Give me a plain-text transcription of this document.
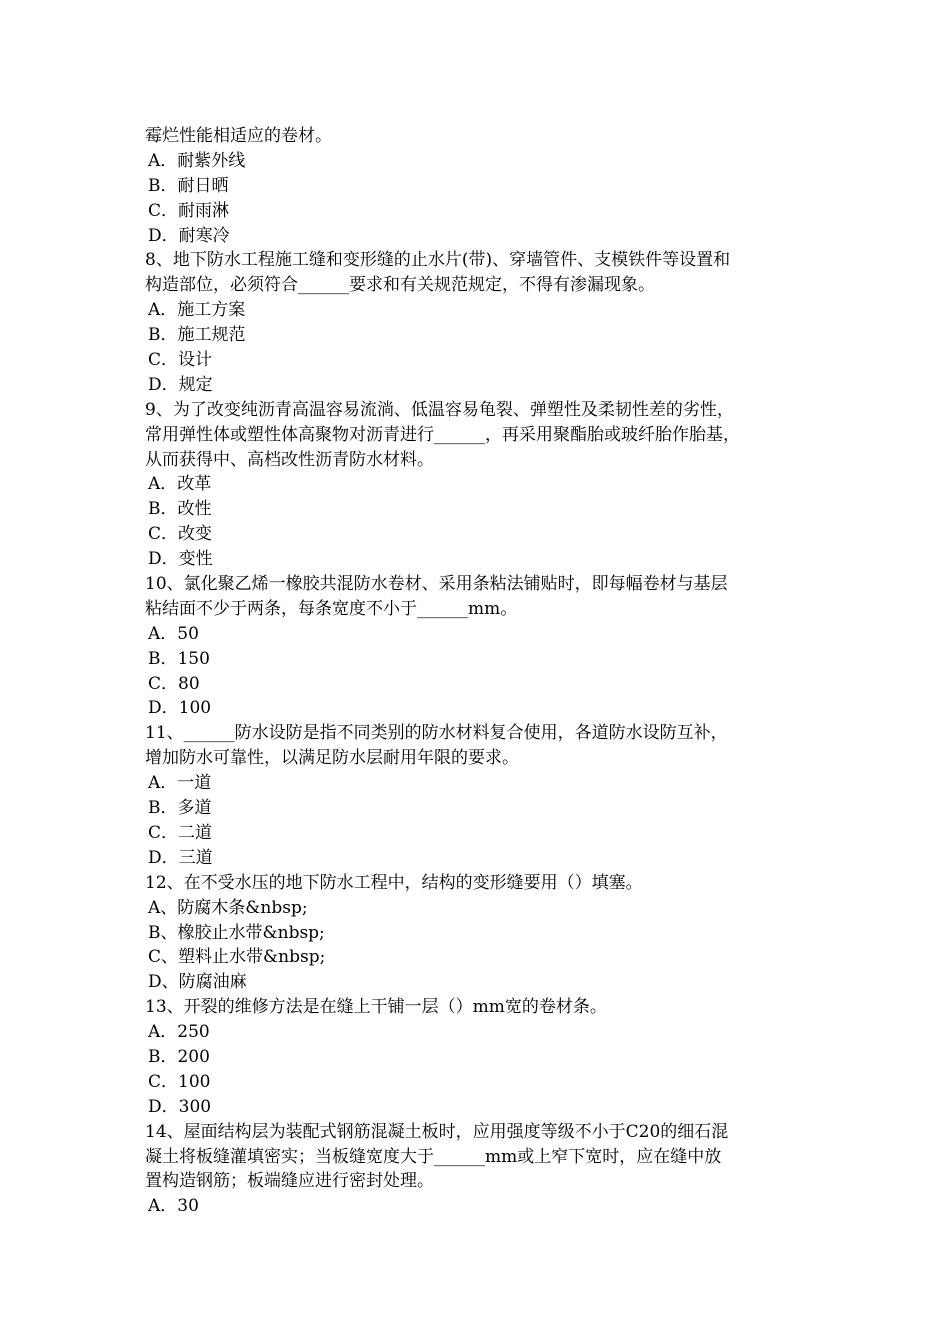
霉烂性能相适应的卷材。
A．耐紫外线
B．耐日晒
C．耐雨淋
D．耐寒冷
8、地下防水工程施工缝和变形缝的止水片(带)、穿墙管件、支模铁件等设置和
构造部位，必须符合______要求和有关规范规定，不得有渗漏现象。
A．施工方案
B．施工规范
C．设计
D．规定
9、为了改变纯沥青高温容易流淌、低温容易龟裂、弹塑性及柔韧性差的劣性，
常用弹性体或塑性体高聚物对沥青进行______，再采用聚酯胎或玻纤胎作胎基，
从而获得中、高档改性沥青防水材料。
A．改革
B．改性
C．改变
D．变性
10、氯化聚乙烯一橡胶共混防水卷材、采用条粘法铺贴时，即每幅卷材与基层
粘结面不少于两条，每条宽度不小于______mm。
A．50
B．150
C．80
D．100
11、______防水设防是指不同类别的防水材料复合使用，各道防水设防互补，
增加防水可靠性，以满足防水层耐用年限的要求。
A．一道
B．多道
C．二道
D．三道
12、在不受水压的地下防水工程中，结构的变形缝要用（）填塞。
A、防腐木条&nbsp;
B、橡胶止水带&nbsp;
C、塑料止水带&nbsp;
D、防腐油麻
13、开裂的维修方法是在缝上干铺一层（）mm宽的卷材条。
A．250
B．200
C．100
D．300
14、屋面结构层为装配式钢筋混凝土板时，应用强度等级不小于C20的细石混
凝土将板缝灌填密实；当板缝宽度大于______mm或上窄下宽时，应在缝中放
置构造钢筋；板端缝应进行密封处理。
A．30
